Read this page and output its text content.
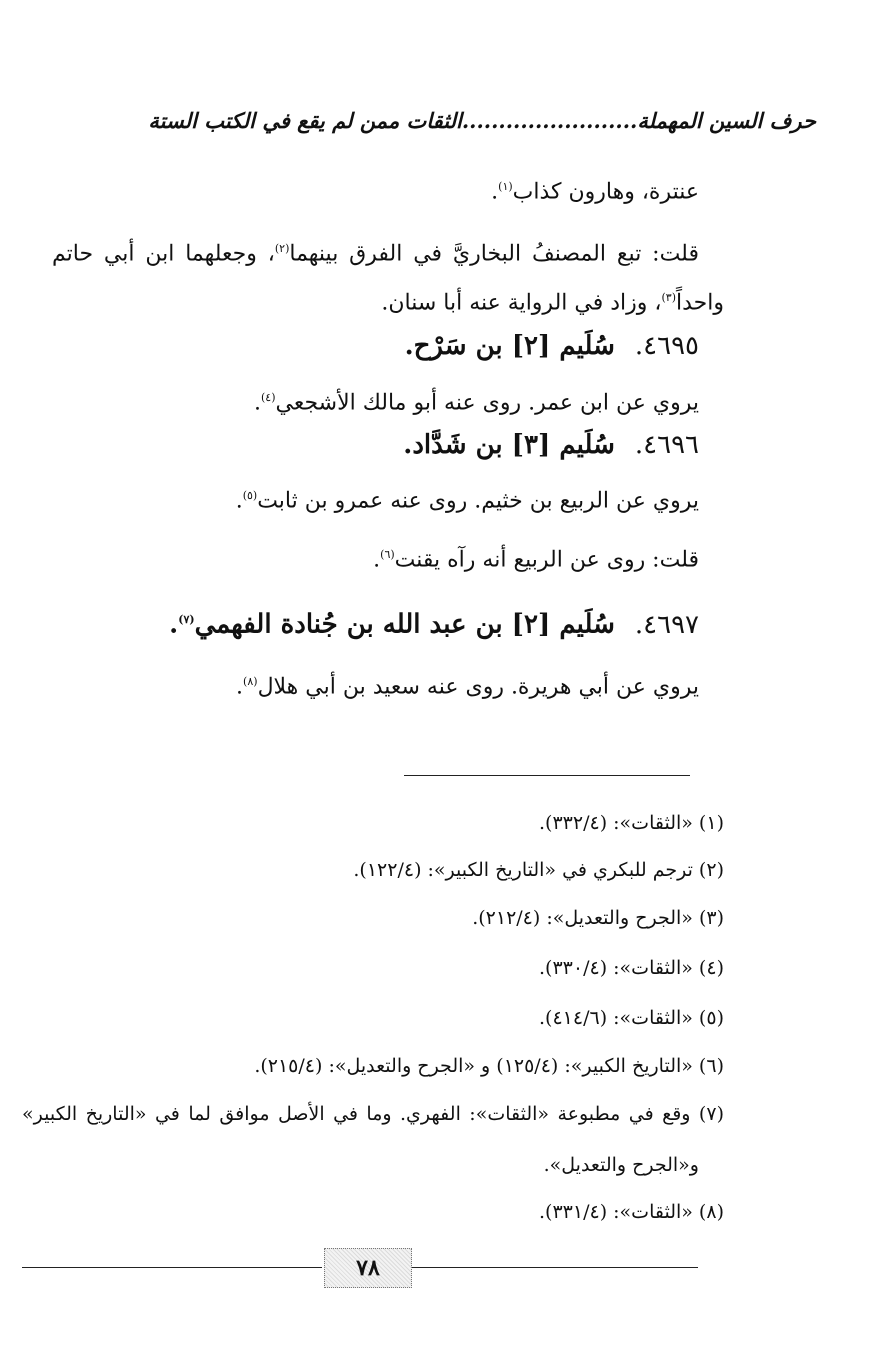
حرف السين المهملة........................الثقات ممن لم يقع في الكتب الستة
عنترة، وهارون كذاب$^{(١)}$.
قلت: تبع المصنفُ البخاريَّ في الفرق بينهما$^{(٢)}$، وجعلهما ابن أبي حاتم
واحداً$^{(٣)}$، وزاد في الرواية عنه أبا سنان.
٤٦٩٥.سُلَيم [٢] بن سَرْح.
يروي عن ابن عمر. روى عنه أبو مالك الأشجعي$^{(٤)}$.
٤٦٩٦.سُلَيم [٣] بن شَدَّاد.
يروي عن الربيع بن خثيم. روى عنه عمرو بن ثابت$^{(٥)}$.
قلت: روى عن الربيع أنه رآه يقنت$^{(٦)}$.
٤٦٩٧.سُلَيم [٢] بن عبد الله بن جُنادة الفهمي$^{(٧)}$.
يروي عن أبي هريرة. روى عنه سعيد بن أبي هلال$^{(٨)}$.
(١) «الثقات»: (٣٣٢/٤).
(٢) ترجم للبكري في «التاريخ الكبير»: (١٢٢/٤).
(٣) «الجرح والتعديل»: (٢١٢/٤).
(٤) «الثقات»: (٣٣٠/٤).
(٥) «الثقات»: (٤١٤/٦).
(٦) «التاريخ الكبير»: (١٢٥/٤) و «الجرح والتعديل»: (٢١٥/٤).
(٧) وقع في مطبوعة «الثقات»: الفهري. وما في الأصل موافق لما في «التاريخ الكبير»
و«الجرح والتعديل».
(٨) «الثقات»: (٣٣١/٤).
٧٨
